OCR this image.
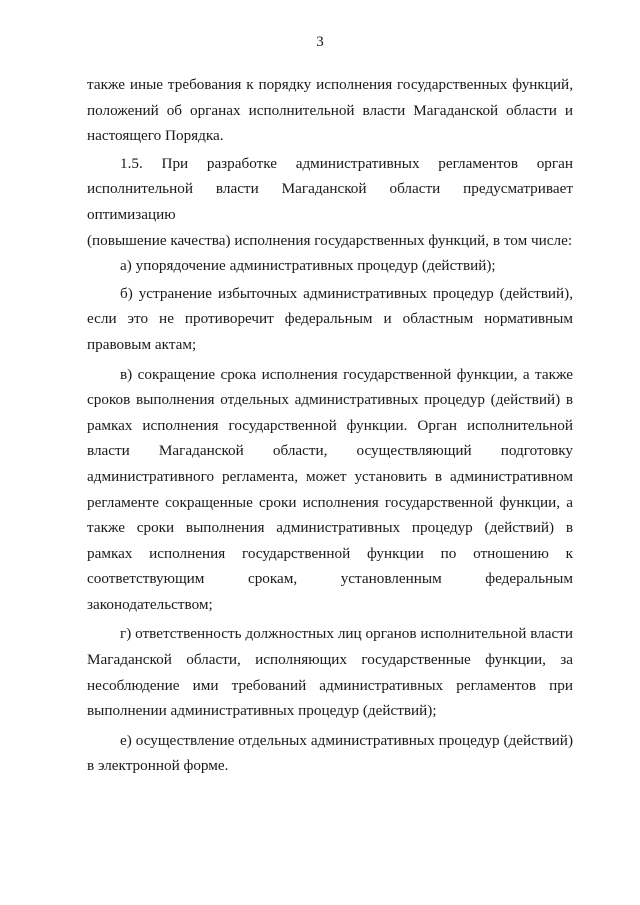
3

также иные требования к порядку исполнения государственных функций, положений об органах исполнительной власти Магаданской области и настоящего Порядка.

1.5. При разработке административных регламентов орган исполнительной власти Магаданской области предусматривает оптимизацию

(повышение качества) исполнения государственных функций, в том числе:

а) упорядочение административных процедур (действий);

б) устранение избыточных административных процедур (действий), если это не противоречит федеральным и областным нормативным правовым актам;

в) сокращение срока исполнения государственной функции, а также сроков выполнения отдельных административных процедур (действий) в рамках исполнения государственной функции. Орган исполнительной власти Магаданской области, осуществляющий подготовку административного регламента, может установить в административном регламенте сокращенные сроки исполнения государственной функции, а также сроки выполнения административных процедур (действий) в рамках исполнения государственной функции по отношению к соответствующим срокам, установленным федеральным законодательством;

г) ответственность должностных лиц органов исполнительной власти Магаданской области, исполняющих государственные функции, за несоблюдение ими требований административных регламентов при выполнении административных процедур (действий);

е) осуществление отдельных административных процедур (действий) в электронной форме.
